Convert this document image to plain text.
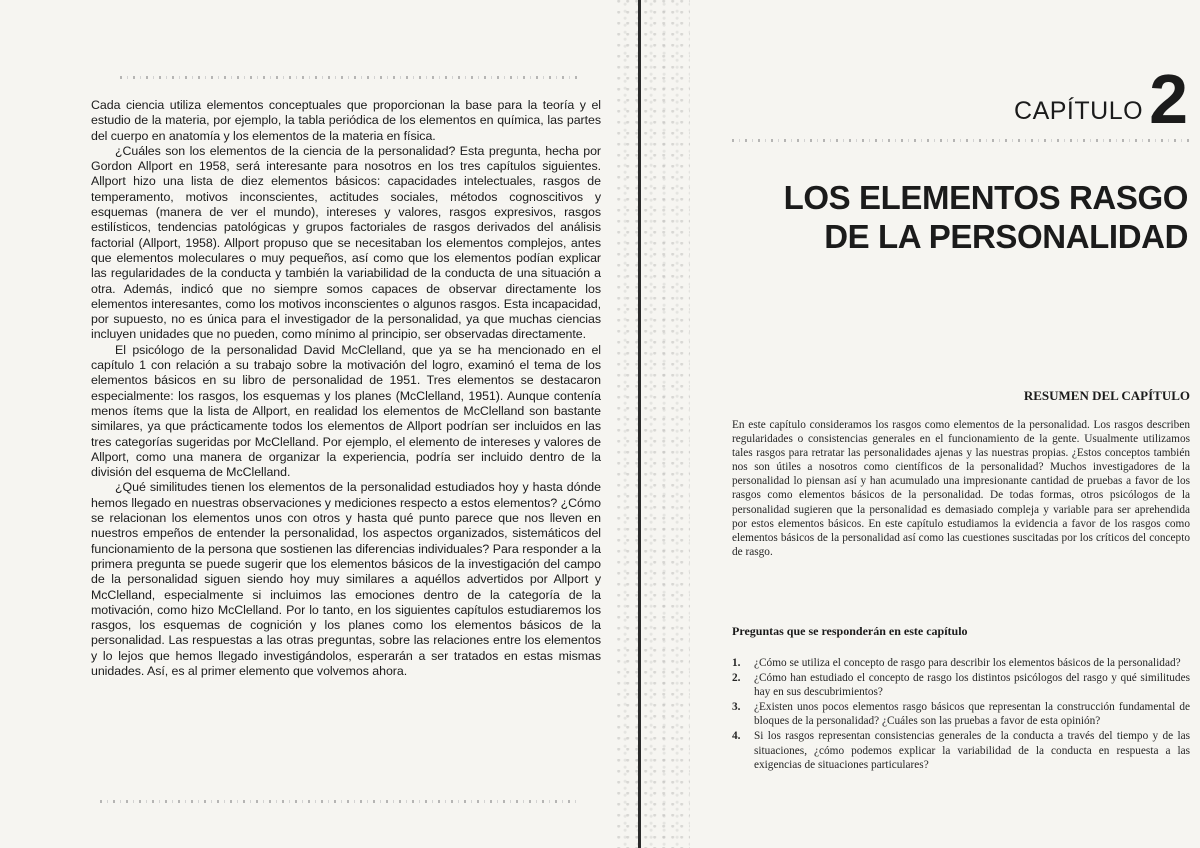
Cada ciencia utiliza elementos conceptuales que proporcionan la base para la teoría y el estudio de la materia, por ejemplo, la tabla periódica de los elementos en química, las partes del cuerpo en anatomía y los elementos de la materia en física.

¿Cuáles son los elementos de la ciencia de la personalidad? Esta pregunta, hecha por Gordon Allport en 1958, será interesante para nosotros en los tres capítulos siguientes. Allport hizo una lista de diez elementos básicos: capacidades intelectuales, rasgos de temperamento, motivos inconscientes, actitudes sociales, métodos cognoscitivos y esquemas (manera de ver el mundo), intereses y valores, rasgos expresivos, rasgos estilísticos, tendencias patológicas y grupos factoriales de rasgos derivados del análisis factorial (Allport, 1958). Allport propuso que se necesitaban los elementos complejos, antes que elementos moleculares o muy pequeños, así como que los elementos podían explicar las regularidades de la conducta y también la variabilidad de la conducta de una situación a otra. Además, indicó que no siempre somos capaces de observar directamente los elementos interesantes, como los motivos inconscientes o algunos rasgos. Esta incapacidad, por supuesto, no es única para el investigador de la personalidad, ya que muchas ciencias incluyen unidades que no pueden, como mínimo al principio, ser observadas directamente.

El psicólogo de la personalidad David McClelland, que ya se ha mencionado en el capítulo 1 con relación a su trabajo sobre la motivación del logro, examinó el tema de los elementos básicos en su libro de personalidad de 1951. Tres elementos se destacaron especialmente: los rasgos, los esquemas y los planes (McClelland, 1951). Aunque contenía menos ítems que la lista de Allport, en realidad los elementos de McClelland son bastante similares, ya que prácticamente todos los elementos de Allport podrían ser incluidos en las tres categorías sugeridas por McClelland. Por ejemplo, el elemento de intereses y valores de Allport, como una manera de organizar la experiencia, podría ser incluido dentro de la división del esquema de McClelland.

¿Qué similitudes tienen los elementos de la personalidad estudiados hoy y hasta dónde hemos llegado en nuestras observaciones y mediciones respecto a estos elementos? ¿Cómo se relacionan los elementos unos con otros y hasta qué punto parece que nos lleven en nuestros empeños de entender la personalidad, los aspectos organizados, sistemáticos del funcionamiento de la persona que sostienen las diferencias individuales? Para responder a la primera pregunta se puede sugerir que los elementos básicos de la investigación del campo de la personalidad siguen siendo hoy muy similares a aquéllos advertidos por Allport y McClelland, especialmente si incluimos las emociones dentro de la categoría de la motivación, como hizo McClelland. Por lo tanto, en los siguientes capítulos estudiaremos los rasgos, los esquemas de cognición y los planes como los elementos básicos de la personalidad. Las respuestas a las otras preguntas, sobre las relaciones entre los elementos y lo lejos que hemos llegado investigándolos, esperarán a ser tratados en estas mismas unidades. Así, es al primer elemento que volvemos ahora.

CAPÍTULO 2
LOS ELEMENTOS RASGO
DE LA PERSONALIDAD
RESUMEN DEL CAPÍTULO
En este capítulo consideramos los rasgos como elementos de la personalidad. Los rasgos describen regularidades o consistencias generales en el funcionamiento de la gente. Usualmente utilizamos tales rasgos para retratar las personalidades ajenas y las nuestras propias. ¿Estos conceptos también nos son útiles a nosotros como científicos de la personalidad? Muchos investigadores de la personalidad lo piensan así y han acumulado una impresionante cantidad de pruebas a favor de los rasgos como elementos básicos de la personalidad. De todas formas, otros psicólogos de la personalidad sugieren que la personalidad es demasiado compleja y variable para ser aprehendida por estos elementos básicos. En este capítulo estudiamos la evidencia a favor de los rasgos como elementos básicos de la personalidad así como las cuestiones suscitadas por los críticos del concepto de rasgo.
Preguntas que se responderán en este capítulo
1.	¿Cómo se utiliza el concepto de rasgo para describir los elementos básicos de la personalidad?
2.	¿Cómo han estudiado el concepto de rasgo los distintos psicólogos del rasgo y qué similitudes hay en sus descubrimientos?
3.	¿Existen unos pocos elementos rasgo básicos que representan la construcción fundamental de bloques de la personalidad? ¿Cuáles son las pruebas a favor de esta opinión?
4.	Si los rasgos representan consistencias generales de la conducta a través del tiempo y de las situaciones, ¿cómo podemos explicar la variabilidad de la conducta en respuesta a las exigencias de situaciones particulares?
